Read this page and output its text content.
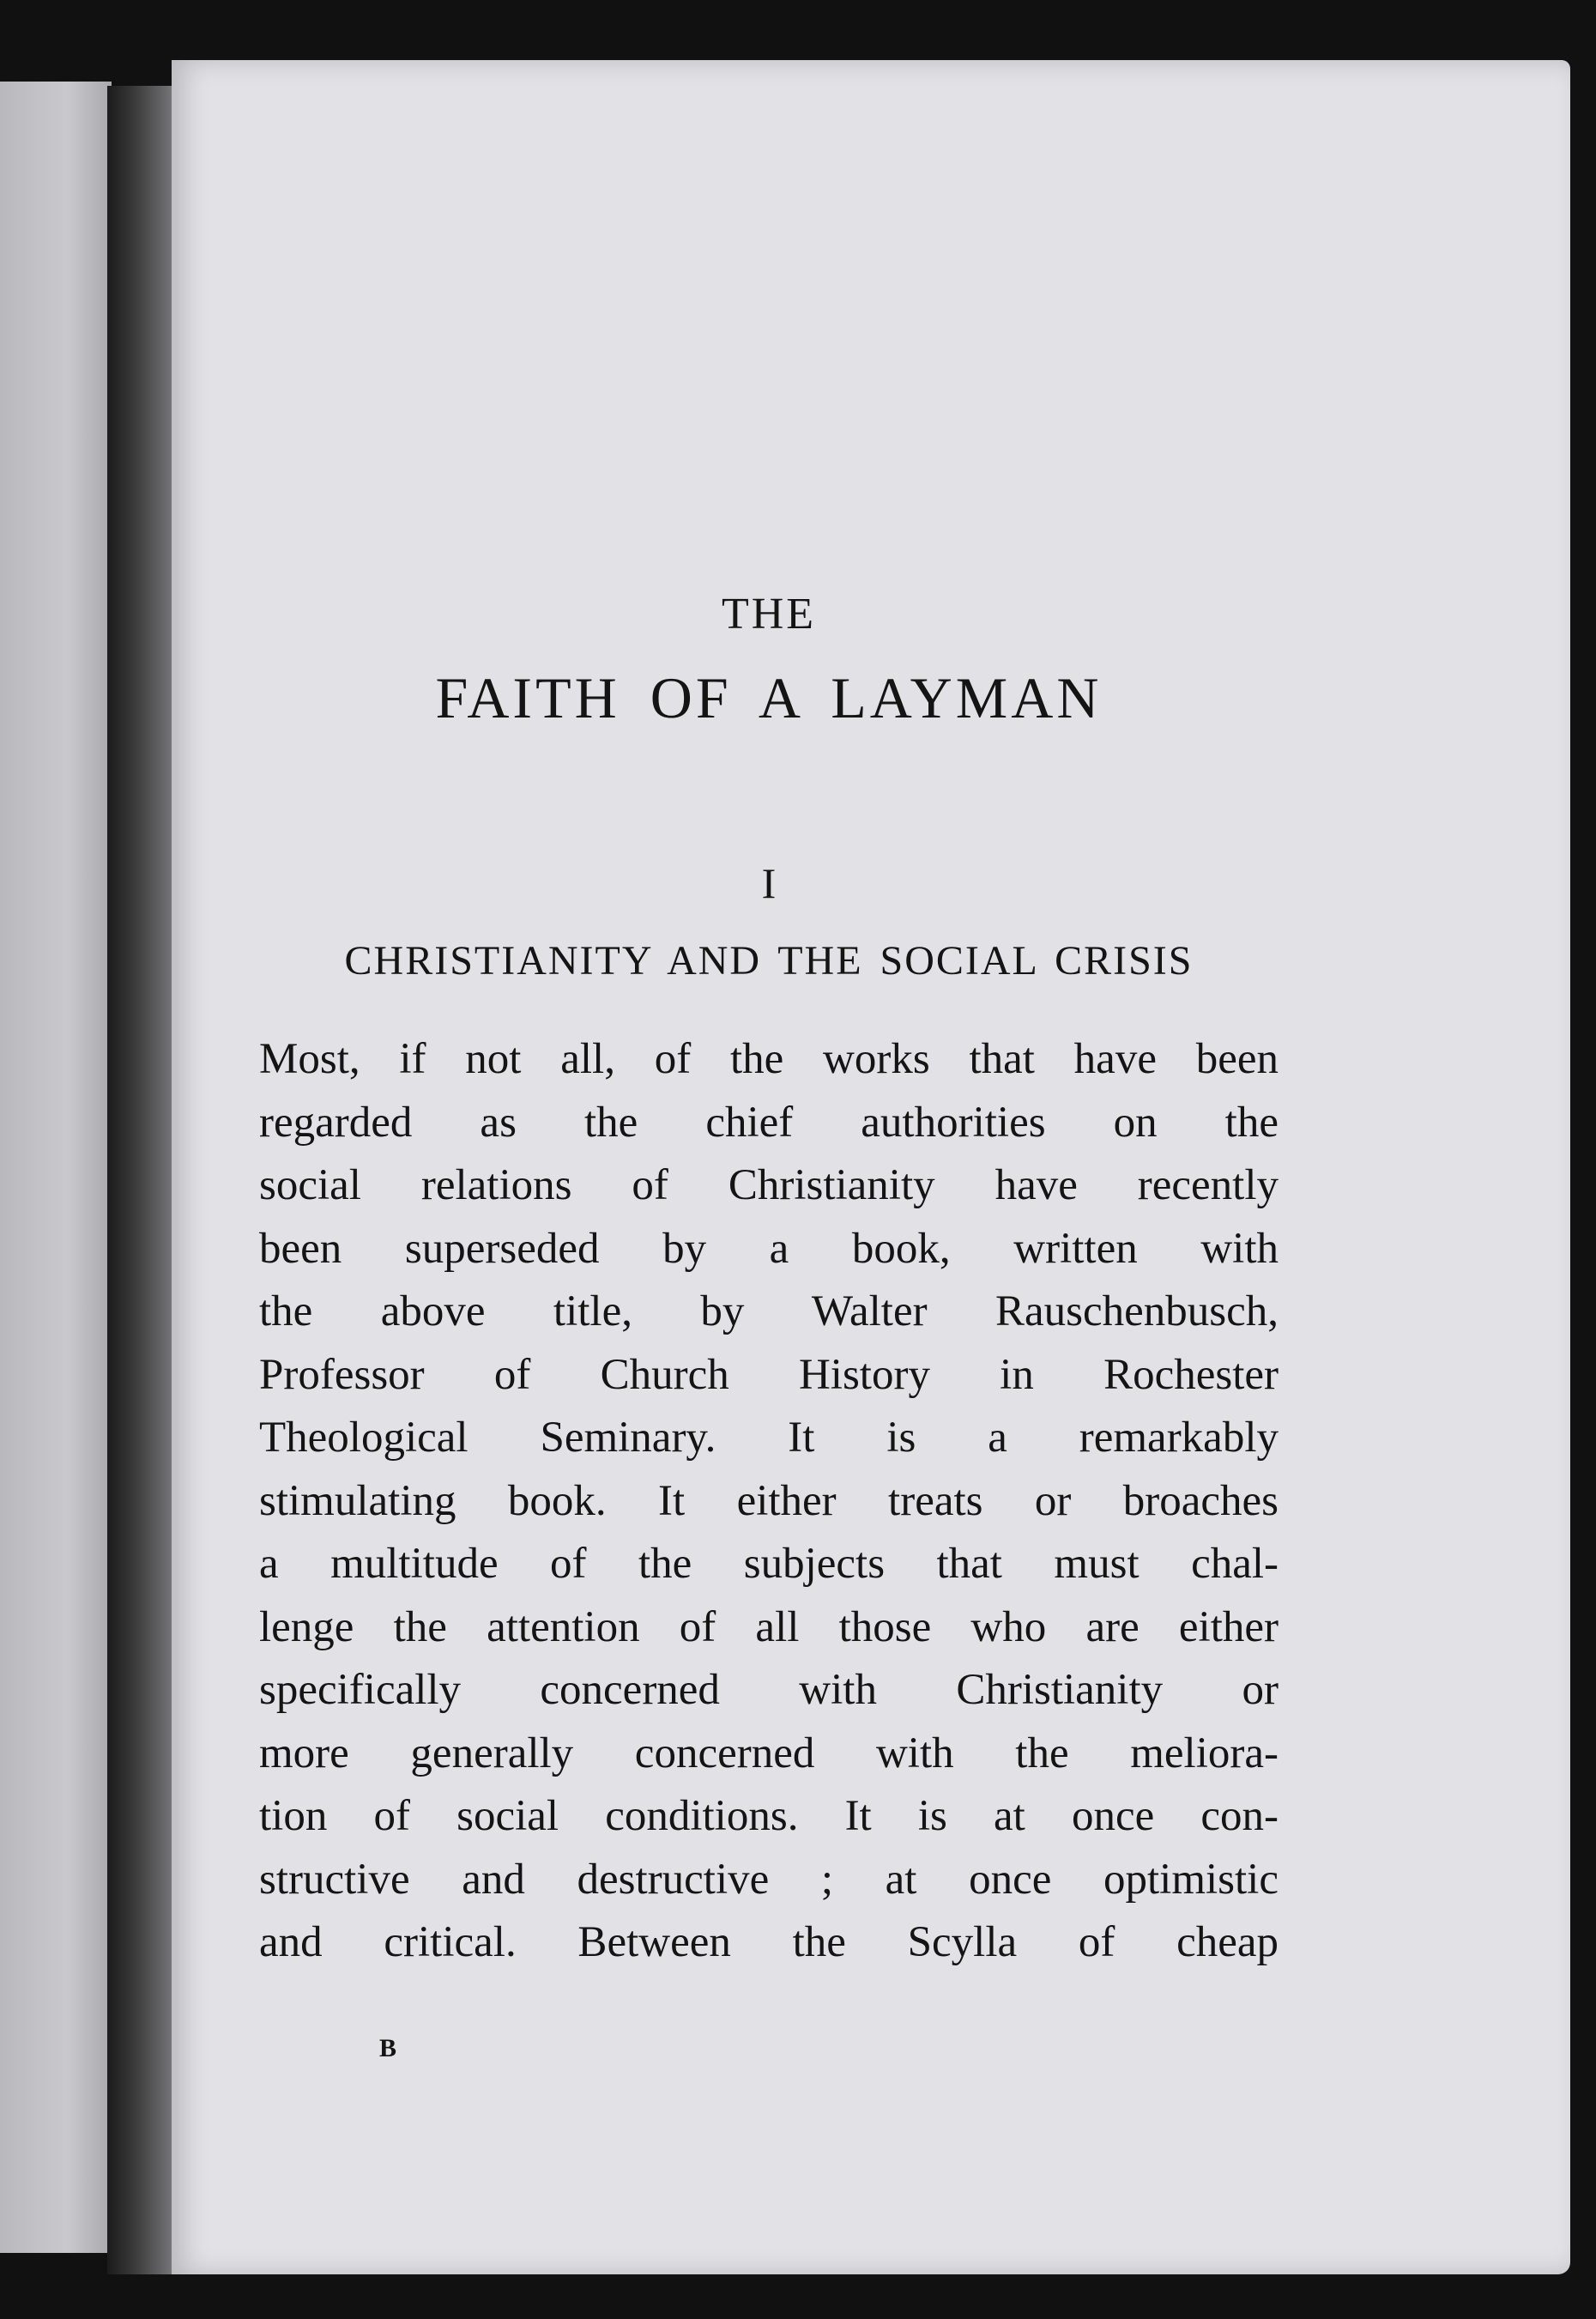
THE
FAITH OF A LAYMAN
I
CHRISTIANITY AND THE SOCIAL CRISIS
Most, if not all, of the works that have been
regarded as the chief authorities on the
social relations of Christianity have recently
been superseded by a book, written with
the above title, by Walter Rauschenbusch,
Professor of Church History in Rochester
Theological Seminary. It is a remarkably
stimulating book. It either treats or broaches
a multitude of the subjects that must chal-
lenge the attention of all those who are either
specifically concerned with Christianity or
more generally concerned with the meliora-
tion of social conditions. It is at once con-
structive and destructive ; at once optimistic
and critical. Between the Scylla of cheap
B
